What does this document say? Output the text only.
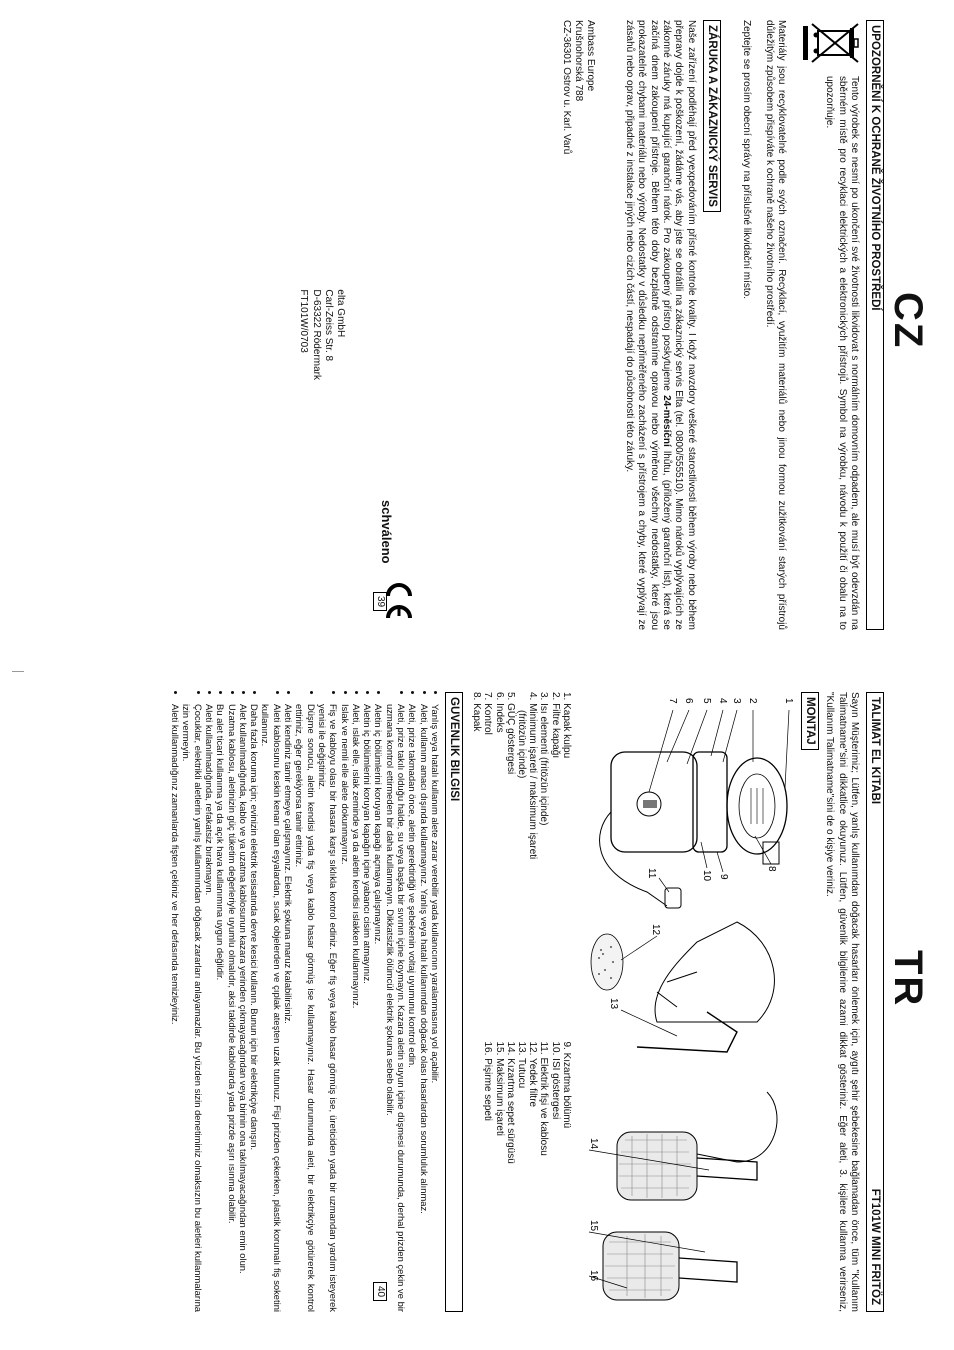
CZ
UPOZORNĚNÍ K OCHRANĚ ŽIVOTNÍHO PROSTŘEDÍ
Tento výrobek se nesmí po ukončení své životnosti likvidovat s normálním domovním odpadem, ale musí být odevzdán na sběrném místě pro recyklaci elektrických a elektronických přístrojů. Symbol na výrobku, návodu k použití či obalu na to upozorňuje.

Materiály jsou recyklovatelné podle svých označení. Recyklací, využitím materiálů nebo jinou formou zužitkování starých přístrojů důležitým způsobem přispíváte k ochraně našeho životního prostředí.

Zeptejte se prosím obecní správy na příslušné likvidační místo.

ZÁRUKA A ZÁKAZNICKÝ SERVIS

Naše zařízení podléhají před vyexpedováním přísné kontrole kvality. I když navzdory veškeré starostlivosti během výroby nebo během přepravy dojde k poškození, žádáme vás, aby jste se obrátili na zákaznický servis Elta (tel. 0800/555510). Mimo nároků vyplývajících ze zákonné záruky má kupující garanční nárok. Pro zakoupený přístroj poskytujeme 24-měsíční lhůtu, (přiložený garanční list), která se začíná dnem zakoupení přístroje. Během této doby bezplatně odstraníme opravou nebo výměnou všechny nedostatky, které jsou prokazatelně chybami materiálu nebo výroby. Nedostatky v důsledku nepřiměřeného zacházení s přístrojem a chyby, které vyplývají ze zásahů nebo oprav, připadné z instalace jiných nebo cizích částí, nespadají do působnosti této záruky.

Ambass Europe
Krušnohorská 788
CZ-36301 Ostrov u. Karl. Varů
elta GmbH
Carl-Zeiss Str. 8
D-63322 Rödermark
FT101W/0703
schváleno
39
TR
TALIMAT EL KITABI
FT101W MINI FRITÖZ

Sayın Müşterimiz; Lütfen, yanlış kullanımdan doğacak hasarları önlemek için, aygıtı şehir şebekesine bağlamadan önce, tüm "Kullanım Talimatname"sini dikkatlice okuyunuz. Lütfen, güvenlik bilgilerine azami dikkat gösteriniz. Eğer aleti, 3. kişilere kullanma verirseniz, "Kullanım Talimatname"sini de o kişiye veriniz.

MONTAJ
1
2
3
4
5
6
7
8
9
10
11
12
13
14
15
16
1. Kapak kulpu
2. Filtre kapağı
3. Isı elementi (fritözün içinde)
4. Minimum işareti / maksimum işareti
(fritözün içinde)
5. GÜÇ göstergesi
6. Indeks
7. Kontrol
8. Kapak
9. Kızartma bölümü
10. ISI göstergesi
11. Elektrik fişi ve kablosu
12. Yedek filtre
13. Tutucu
14. Kızartma sepet sürgüsü
15. Maksimum işareti
16. Pişirme sepeti
GUVENLIK BILGISI
• Yanlış veya hatalı kullanım alete zarar verebilir yada kullanıcının yaralanmasına yol açabilir.
• Aleti, kullanım amacı dışında kullanmayınız. Yanlış veya hatalı kullanımdan doğacak olası hasarlardan sorumluluk alınmaz.
• Aleti, prize takmadan önce, aletin gerektirdiği ve şebekenin voltaj uyumunu kontrol edin.
• Aleti, prize takılı olduğu halde, su veya başka bir sıvının içine koymayın. Kazara aletin suyun içine düşmesi durumunda, derhal prizden çekin ve bir uzmana kontrol ettirmeden bir daha kullanmayın. Dikkatsizlik ölümcül elektrik şokuna sebeb olabilir.
• Aletin iç bölümlerini koruyan kapağı açmaya çalışmayınız.
• Aletin iç bölümlerini koruyan kapağın içine yabancı cisim atmayınız.
• Aleti, ıslak elle, ıslak zeminde ya da aletin kendisi ıslakken kullanmayınız.
• Islak ve nemli elle alete dokunmayınız.
• Fiş ve kabloyu olası bir hasara karşı sıklıkla kontrol ediniz. Eğer fiş veya kablo hasar görmüş ise, üreticiden yada bir uzmandan yardım isteyerek yenisi ile değiştiriniz.
• Düşme sonucu, aletin kendisi yada fiş veya kablo hasar görmüş ise kullanmayınız. Hasar durumunda aleti, bir elektrikçiye götürerek kontrol ettiriniz, eğer gerekiyorsa tamir ettiriniz.
• Aleti kendiniz tamir etmeye çalışmayınız. Elektrik şokuna maruz kalabilirsiniz.
• Aleti kablosunu keskin kenarı olan eşyalardan, sıcak objelerden ve çıplak ateşten uzak tutunuz. Fişi prizden çekerken, plastik korumalı fiş soketini kullanınız.
• Daha fazla koruma için; evinizin elektrik tesisatında devre kesici kullanın. Bunun için bir elektrikçiye danışın.
• Alet kullanılmadığında, kablo ve ya uzatma kablosunun kazara yerinden çıkmayacağından veya birinin ona takılmayacağından emin olun.
• Uzatma kablosu, aletinizin güç tüketim değerleriyle uyumlu olmalıdır, aksi takdirde kablolarda yada prizde aşırı ısınma olabilir.
• Bu alet ticari kullanıma ya da açık hava kullanımına uygun değildir.
• Aleti kullanılmadığında, refakatsiz bırakmayın.
• Çocuklar, elektrikli aletlerin yanlış kullanımından doğacak zararları anlayamazlar. Bu yüzden sizin denetiminiz olmaksızın bu aletleri kullanmalarına izin vermeyin.
• Aleti kullanmadığınız zamanlarda fişten çekiniz ve her defasında temizleyiniz.
40
